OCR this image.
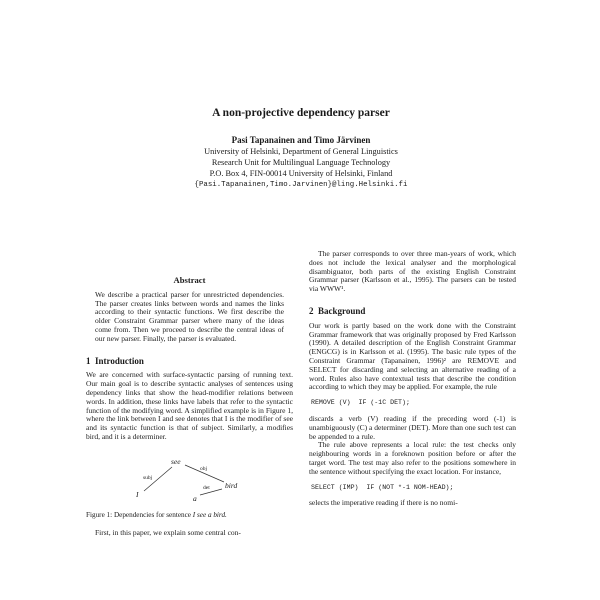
A non-projective dependency parser
Pasi Tapanainen and Timo Järvinen
University of Helsinki, Department of General Linguistics
Research Unit for Multilingual Language Technology
P.O. Box 4, FIN-00014 University of Helsinki, Finland
{Pasi.Tapanainen,Timo.Jarvinen}@ling.Helsinki.fi
Abstract
We describe a practical parser for unrestricted dependencies. The parser creates links between words and names the links according to their syntactic functions. We first describe the older Constraint Grammar parser where many of the ideas come from. Then we proceed to describe the central ideas of our new parser. Finally, the parser is evaluated.
1  Introduction

We are concerned with surface-syntactic parsing of running text. Our main goal is to describe syntactic analyses of sentences using dependency links that show the head-modifier relations between words. In addition, these links have labels that refer to the syntactic function of the modifying word. A simplified example is in Figure 1, where the link between I and see denotes that I is the modifier of see and its syntactic function is that of subject. Similarly, a modifies bird, and it is a determiner.

see
I	a
bird
subj
obj
det
Figure 1: Dependencies for sentence I see a bird.

First, in this paper, we explain some central con-

The parser corresponds to over three man-years of work, which does not include the lexical analyser and the morphological disambiguator, both parts of the existing English Constraint Grammar parser (Karlsson et al., 1995). The parsers can be tested via WWW¹.

2  Background

Our work is partly based on the work done with the Constraint Grammar framework that was originally proposed by Fred Karlsson (1990). A detailed description of the English Constraint Grammar (ENGCG) is in Karlsson et al. (1995). The basic rule types of the Constraint Grammar (Tapanainen, 1996)² are REMOVE and SELECT for discarding and selecting an alternative reading of a word. Rules also have contextual tests that describe the condition according to which they may be applied. For example, the rule

REMOVE (V)  IF (-1C DET);

discards a verb (V) reading if the preceding word (-1) is unambiguously (C) a determiner (DET). More than one such test can be appended to a rule.

The rule above represents a local rule: the test checks only neighbouring words in a foreknown position before or after the target word. The test may also refer to the positions somewhere in the sentence without specifying the exact location. For instance,

SELECT (IMP)  IF (NOT *-1 NOM-HEAD);

selects the imperative reading if there is no nomi-
